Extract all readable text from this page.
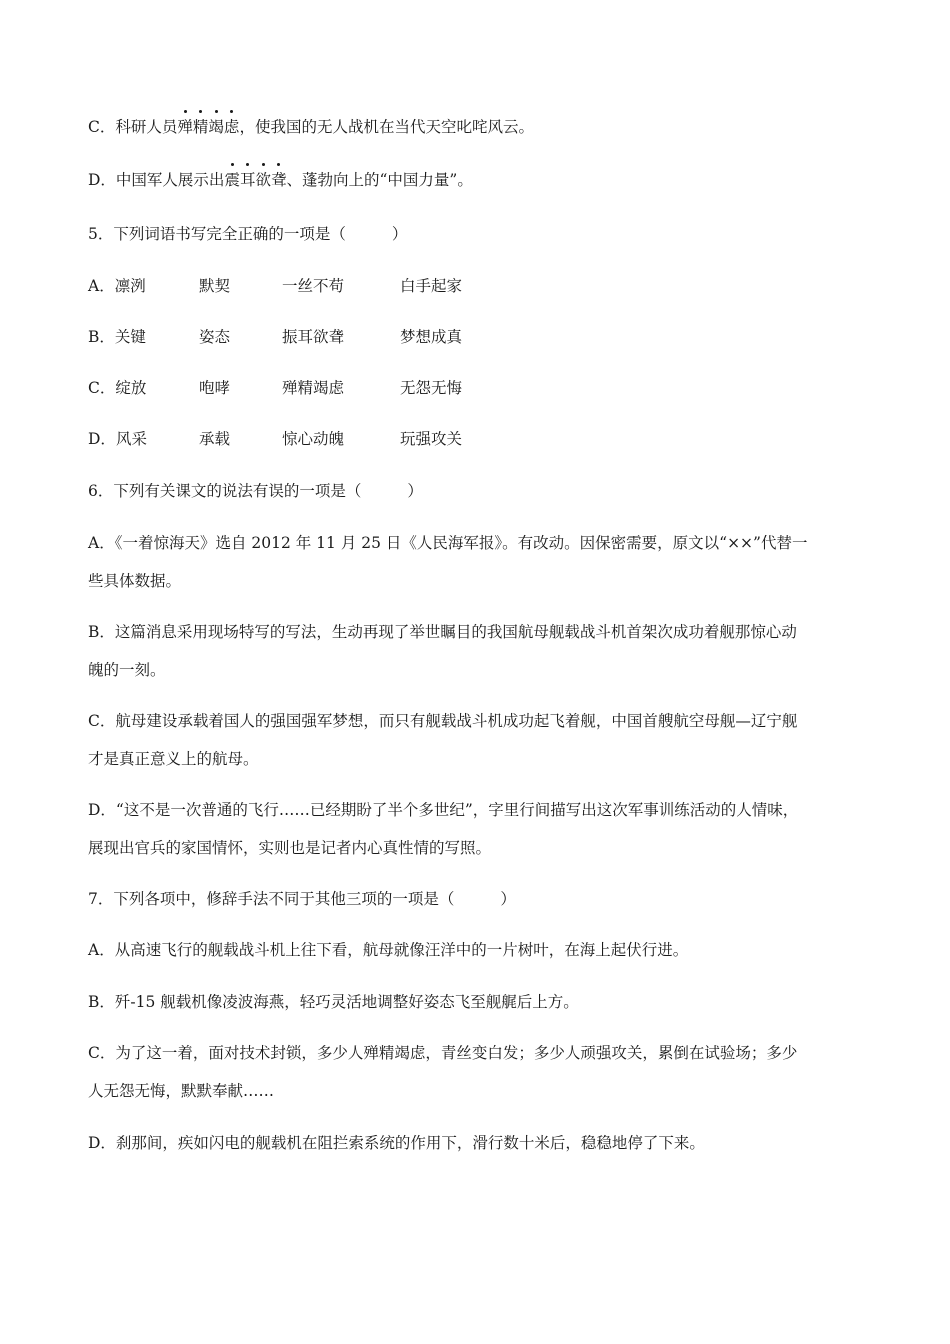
C．科研人员殚精竭虑，使我国的无人战机在当代天空叱咤风云。
D．中国军人展示出震耳欲聋、蓬勃向上的“中国力量”。
5．下列词语书写完全正确的一项是（	）
A．凛洌	默契	一丝不苟	白手起家
B．关键	姿态	振耳欲聋	梦想成真
C．绽放	咆哮	殚精竭虑	无怨无悔
D．风采	承载	惊心动魄	玩强攻关
6．下列有关课文的说法有误的一项是（	）
A．《一着惊海天》选自 2012 年 11 月 25 日《人民海军报》。有改动。因保密需要，原文以“××”代替一
些具体数据。
B．这篇消息采用现场特写的写法，生动再现了举世瞩目的我国航母舰载战斗机首架次成功着舰那惊心动
魄的一刻。
C．航母建设承载着国人的强国强军梦想，而只有舰载战斗机成功起飞着舰，中国首艘航空母舰—辽宁舰
才是真正意义上的航母。
D．“这不是一次普通的飞行……已经期盼了半个多世纪”，字里行间描写出这次军事训练活动的人情味，
展现出官兵的家国情怀，实则也是记者内心真性情的写照。
7．下列各项中，修辞手法不同于其他三项的一项是（	）
A．从高速飞行的舰载战斗机上往下看，航母就像汪洋中的一片树叶，在海上起伏行进。
B．歼-15 舰载机像凌波海燕，轻巧灵活地调整好姿态飞至舰艉后上方。
C．为了这一着，面对技术封锁，多少人殚精竭虑，青丝变白发；多少人顽强攻关，累倒在试验场；多少
人无怨无悔，默默奉献……
D．刹那间，疾如闪电的舰载机在阻拦索系统的作用下，滑行数十米后，稳稳地停了下来。
